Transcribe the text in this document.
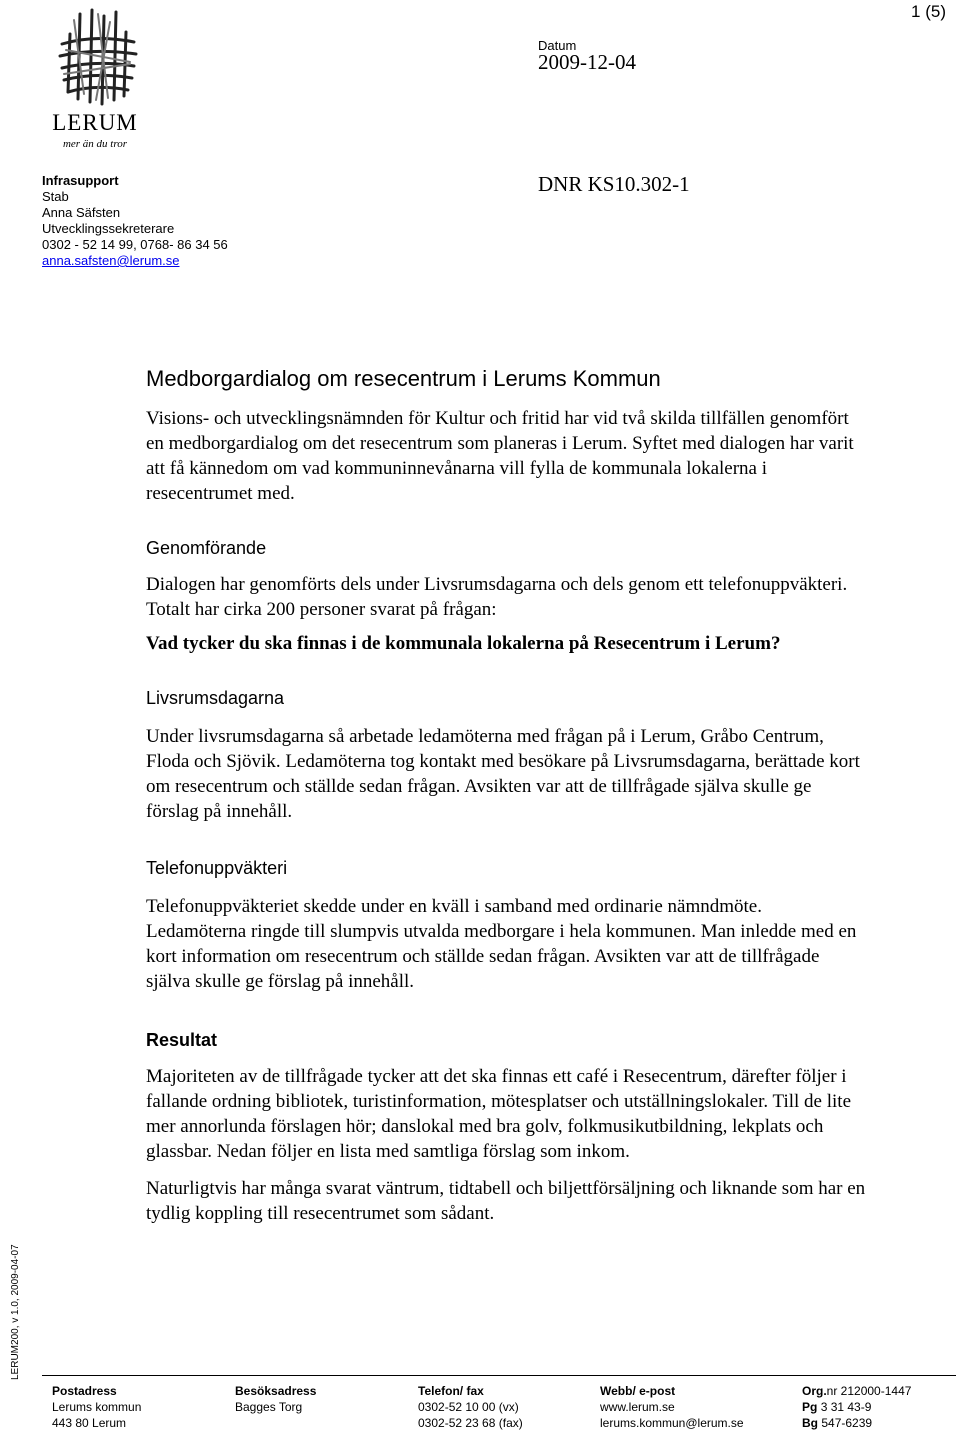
1 (5)
LERUM
mer än du tror
Infrasupport
Stab
Anna Säfsten
Utvecklingssekreterare
0302 - 52 14 99, 0768- 86 34 56
anna.safsten@lerum.se
Datum
2009-12-04
DNR KS10.302-1
Medborgardialog om resecentrum i Lerums Kommun

Visions- och utvecklingsnämnden för Kultur och fritid har vid två skilda tillfällen genomfört en medborgardialog om det resecentrum som planeras i Lerum. Syftet med dialogen har varit att få kännedom om vad kommuninnevånarna vill fylla de kommunala lokalerna i resecentrumet med.

Genomförande

Dialogen har genomförts dels under Livsrumsdagarna och dels genom ett telefonuppväkteri. Totalt har cirka 200 personer svarat på frågan:

Vad tycker du ska finnas i de kommunala lokalerna på Resecentrum i Lerum?

Livsrumsdagarna

Under livsrumsdagarna så arbetade ledamöterna med frågan på i Lerum, Gråbo Centrum, Floda och Sjövik. Ledamöterna tog kontakt med besökare på Livsrumsdagarna, berättade kort om resecentrum och ställde sedan frågan. Avsikten var att de tillfrågade själva skulle ge förslag på innehåll.

Telefonuppväkteri

Telefonuppväkteriet skedde under en kväll i samband med ordinarie nämndmöte. Ledamöterna ringde till slumpvis utvalda medborgare i hela kommunen. Man inledde med en kort information om resecentrum och ställde sedan frågan. Avsikten var att de tillfrågade själva skulle ge förslag på innehåll.

Resultat

Majoriteten av de tillfrågade tycker att det ska finnas ett café i Resecentrum, därefter följer i fallande ordning bibliotek, turistinformation, mötesplatser och utställningslokaler. Till de lite mer annorlunda förslagen hör; danslokal med bra golv, folkmusikutbildning, lekplats och glassbar. Nedan följer en lista med samtliga förslag som inkom.

Naturligtvis har många svarat väntrum, tidtabell och biljettförsäljning och liknande som har en tydlig koppling till resecentrumet som sådant.

LERUM200, v 1.0, 2009-04-07
Postadress
Lerums kommun
443 80 Lerum
Besöksadress
Bagges Torg
Telefon/ fax
0302-52 10 00 (vx)
0302-52 23 68 (fax)
Webb/ e-post
www.lerum.se
lerums.kommun@lerum.se
Org.nr 212000-1447
Pg 3 31 43-9
Bg 547-6239
